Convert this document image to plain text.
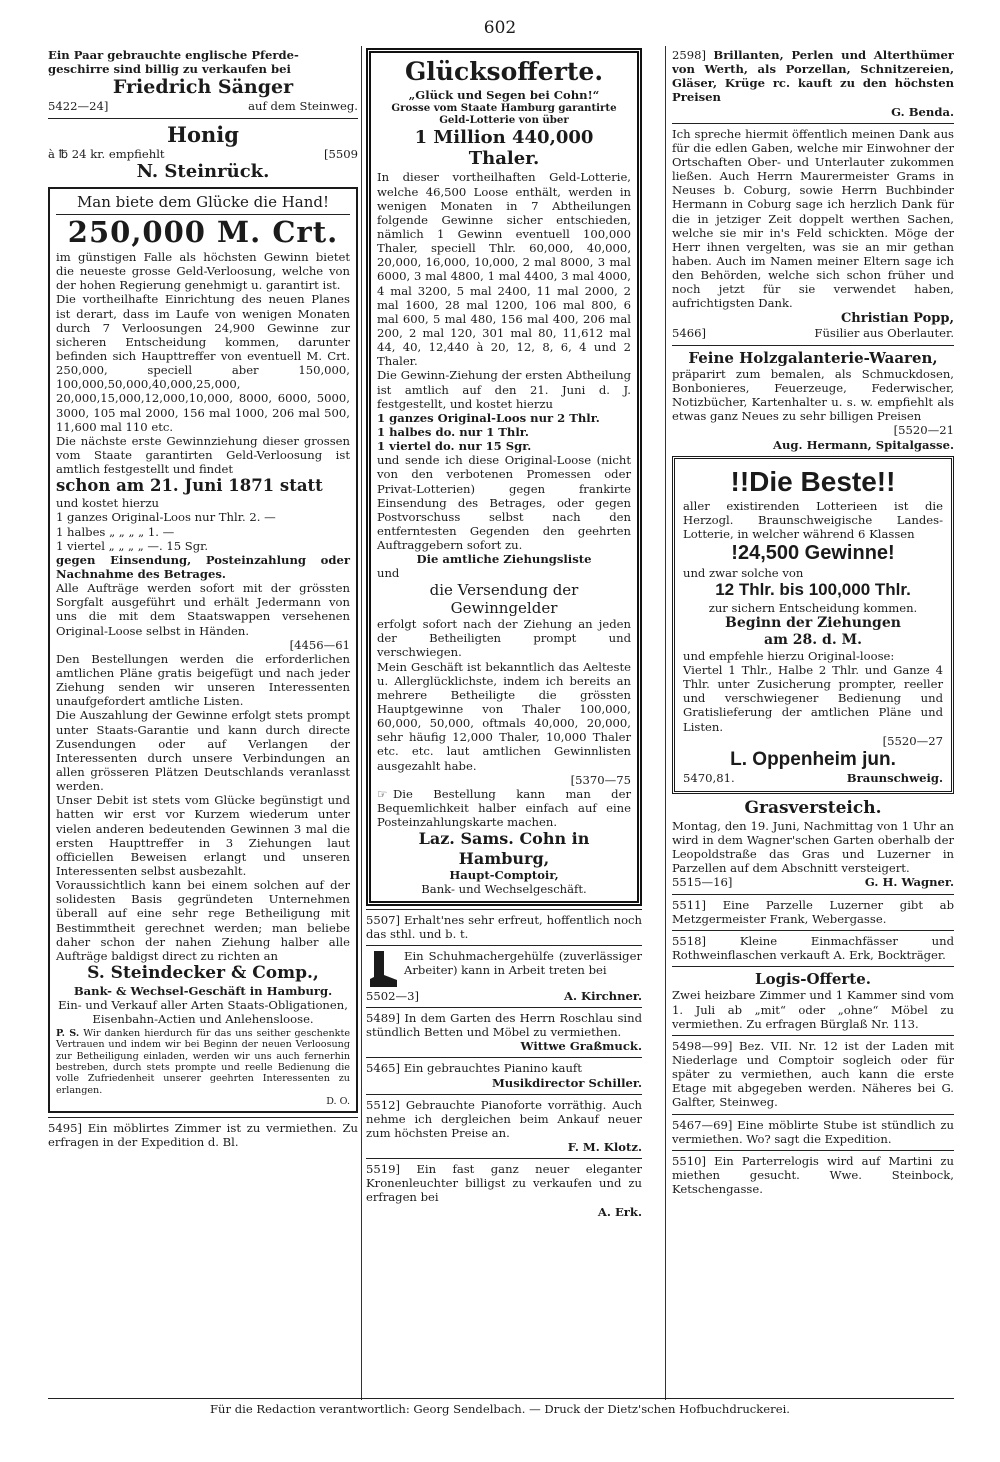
602

Ein Paar gebrauchte englische Pferde-

geschirre sind billig zu verkaufen bei

Friedrich Sänger

5422—24]	auf dem Steinweg.

Honig

à ℔ 24 kr. empfiehlt	[5509

N. Steinrück.

Man biete dem Glücke die Hand!

250,000 M. Crt.

im günstigen Falle als höchsten Gewinn bietet die neueste grosse Geld-Verloosung, welche von der hohen Regierung genehmigt u. garantirt ist.

Die vortheilhafte Einrichtung des neuen Planes ist derart, dass im Laufe von wenigen Monaten durch 7 Verloosungen 24,900 Gewinne zur sicheren Entscheidung kommen, darunter befinden sich Haupttreffer von eventuell M. Crt. 250,000, speciell aber 150,000, 100,000,50,000,40,000,25,000, 20,000,15,000,12,000,10,000, 8000, 6000, 5000, 3000, 105 mal 2000, 156 mal 1000, 206 mal 500, 11,600 mal 110 etc.

Die nächste erste Gewinnziehung dieser grossen vom Staate garantirten Geld-Verloosung ist amtlich festgestellt und findet

schon am 21. Juni 1871 statt

und kostet hierzu

1 ganzes Original-Loos nur Thlr. 2. —

1 halbes „ „ „ „ 1. —

1 viertel „ „ „ „ —. 15 Sgr.

gegen Einsendung, Posteinzahlung oder Nachnahme des Betrages.

Alle Aufträge werden sofort mit der grössten Sorgfalt ausgeführt und erhält Jedermann von uns die mit dem Staatswappen versehenen Original-Loose selbst in Händen.

[4456—61

Den Bestellungen werden die erforderlichen amtlichen Pläne gratis beigefügt und nach jeder Ziehung senden wir unseren Interessenten unaufgefordert amtliche Listen.

Die Auszahlung der Gewinne erfolgt stets prompt unter Staats-Garantie und kann durch directe Zusendungen oder auf Verlangen der Interessenten durch unsere Verbindungen an allen grösseren Plätzen Deutschlands veranlasst werden.

Unser Debit ist stets vom Glücke begünstigt und hatten wir erst vor Kurzem wiederum unter vielen anderen bedeutenden Gewinnen 3 mal die ersten Haupttreffer in 3 Ziehungen laut officiellen Beweisen erlangt und unseren Interessenten selbst ausbezahlt.

Voraussichtlich kann bei einem solchen auf der solidesten Basis gegründeten Unternehmen überall auf eine sehr rege Betheiligung mit Bestimmtheit gerechnet werden; man beliebe daher schon der nahen Ziehung halber alle Aufträge baldigst direct zu richten an

S. Steindecker & Comp.,

Bank- & Wechsel-Geschäft in Hamburg.

Ein- und Verkauf aller Arten Staats-Obligationen, Eisenbahn-Actien und Anlehensloose.

P. S. Wir danken hierdurch für das uns seither geschenkte Vertrauen und indem wir bei Beginn der neuen Verloosung zur Betheiligung einladen, werden wir uns auch fernerhin bestreben, durch stets prompte und reelle Bedienung die volle Zufriedenheit unserer geehrten Interessenten zu erlangen.

D. O.

5495] Ein möblirtes Zimmer ist zu vermiethen. Zu erfragen in der Expedition d. Bl.

Glücksofferte.

„Glück und Segen bei Cohn!“

Grosse vom Staate Hamburg garantirte

Geld-Lotterie von über

1 Million 440,000 Thaler.

In dieser vortheilhaften Geld-Lotterie, welche 46,500 Loose enthält, werden in wenigen Monaten in 7 Abtheilungen folgende Gewinne sicher entschieden, nämlich 1 Gewinn eventuell 100,000 Thaler, speciell Thlr. 60,000, 40,000, 20,000, 16,000, 10,000, 2 mal 8000, 3 mal 6000, 3 mal 4800, 1 mal 4400, 3 mal 4000, 4 mal 3200, 5 mal 2400, 11 mal 2000, 2 mal 1600, 28 mal 1200, 106 mal 800, 6 mal 600, 5 mal 480, 156 mal 400, 206 mal 200, 2 mal 120, 301 mal 80, 11,612 mal 44, 40, 12,440 à 20, 12, 8, 6, 4 und 2 Thaler.

Die Gewinn-Ziehung der ersten Abtheilung ist amtlich auf den 21. Juni d. J. festgestellt, und kostet hierzu

1 ganzes Original-Loos nur 2 Thlr.

1 halbes do. nur 1 Thlr.

1 viertel do. nur 15 Sgr.

und sende ich diese Original-Loose (nicht von den verbotenen Promessen oder Privat-Lotterien) gegen frankirte Einsendung des Betrages, oder gegen Postvorschuss selbst nach den entferntesten Gegenden den geehrten Auftraggebern sofort zu.

Die amtliche Ziehungsliste

und

die Versendung der Gewinngelder

erfolgt sofort nach der Ziehung an jeden der Betheiligten prompt und verschwiegen.

Mein Geschäft ist bekanntlich das Aelteste u. Allerglücklichste, indem ich bereits an mehrere Betheiligte die grössten Hauptgewinne von Thaler 100,000, 60,000, 50,000, oftmals 40,000, 20,000, sehr häufig 12,000 Thaler, 10,000 Thaler etc. etc. laut amtlichen Gewinnlisten ausgezahlt habe.

[5370—75

☞ Die Bestellung kann man der Bequemlichkeit halber einfach auf eine Posteinzahlungskarte machen.

Laz. Sams. Cohn in Hamburg,

Haupt-Comptoir,

Bank- und Wechselgeschäft.

5507] Erhalt'nes sehr erfreut, hoffentlich noch das sthl. und b. t.

Ein Schuhmachergehülfe (zuverlässiger Arbeiter) kann in Arbeit treten bei

5502—3]	A. Kirchner.
5489] In dem Garten des Herrn Roschlau sind stündlich Betten und Möbel zu vermiethen.

Wittwe Graßmuck.

5465] Ein gebrauchtes Pianino kauft

Musikdirector Schiller.

5512] Gebrauchte Pianoforte vorräthig. Auch nehme ich dergleichen beim Ankauf neuer zum höchsten Preise an.

F. M. Klotz.

5519] Ein fast ganz neuer eleganter Kronenleuchter billigst zu verkaufen und zu erfragen bei

A. Erk.

2598] Brillanten, Perlen und Alterthümer von Werth, als Porzellan, Schnitzereien, Gläser, Krüge rc. kauft zu den höchsten Preisen

G. Benda.

Ich spreche hiermit öffentlich meinen Dank aus für die edlen Gaben, welche mir Einwohner der Ortschaften Ober- und Unterlauter zukommen ließen. Auch Herrn Maurermeister Grams in Neuses b. Coburg, sowie Herrn Buchbinder Hermann in Coburg sage ich herzlich Dank für die in jetziger Zeit doppelt werthen Sachen, welche sie mir in's Feld schickten. Möge der Herr ihnen vergelten, was sie an mir gethan haben. Auch im Namen meiner Eltern sage ich den Behörden, welche sich schon früher und noch jetzt für sie verwendet haben, aufrichtigsten Dank.

Christian Popp,

5466]	Füsilier aus Oberlauter.

Feine Holzgalanterie-Waaren,

präparirt zum bemalen, als Schmuckdosen, Bonbonieres, Feuerzeuge, Federwischer, Notizbücher, Kartenhalter u. s. w. empfiehlt als etwas ganz Neues zu sehr billigen Preisen

[5520—21

Aug. Hermann, Spitalgasse.

!!Die Beste!!

aller existirenden Lotterieen ist die Herzogl. Braunschweigische Landes-Lotterie, in welcher während 6 Klassen

!24,500 Gewinne!

und zwar solche von

12 Thlr. bis 100,000 Thlr.

zur sichern Entscheidung kommen.

Beginn der Ziehungen

am 28. d. M.

und empfehle hierzu Original-loose:

Viertel 1 Thlr., Halbe 2 Thlr. und Ganze 4 Thlr. unter Zusicherung prompter, reeller und verschwiegener Bedienung und Gratislieferung der amtlichen Pläne und Listen.

[5520—27

L. Oppenheim jun.

5470,81.	Braunschweig.

Grasversteich.

Montag, den 19. Juni, Nachmittag von 1 Uhr an wird in dem Wagner'schen Garten oberhalb der Leopoldstraße das Gras und Luzerner in Parzellen auf dem Abschnitt versteigert.

5515—16]	G. H. Wagner.
5511] Eine Parzelle Luzerner gibt ab Metzgermeister Frank, Webergasse.
5518]	Kleine Einmachfässer und Rothweinflaschen verkauft A. Erk, Bockträger.

Logis-Offerte.

Zwei heizbare Zimmer und 1 Kammer sind vom 1. Juli ab „mit“ oder „ohne“ Möbel zu vermiethen. Zu erfragen Bürglaß Nr. 113.

5498—99] Bez. VII. Nr. 12 ist der Laden mit Niederlage und Comptoir sogleich oder für später zu vermiethen, auch kann die erste Etage mit abgegeben werden. Näheres bei G. Galfter, Steinweg.
5467—69] Eine möblirte Stube ist stündlich zu vermiethen. Wo? sagt die Expedition.
5510] Ein Parterrelogis wird auf Martini zu miethen gesucht. Wwe. Steinbock, Ketschengasse.
Für die Redaction verantwortlich: Georg Sendelbach. — Druck der Dietz'schen Hofbuchdruckerei.
